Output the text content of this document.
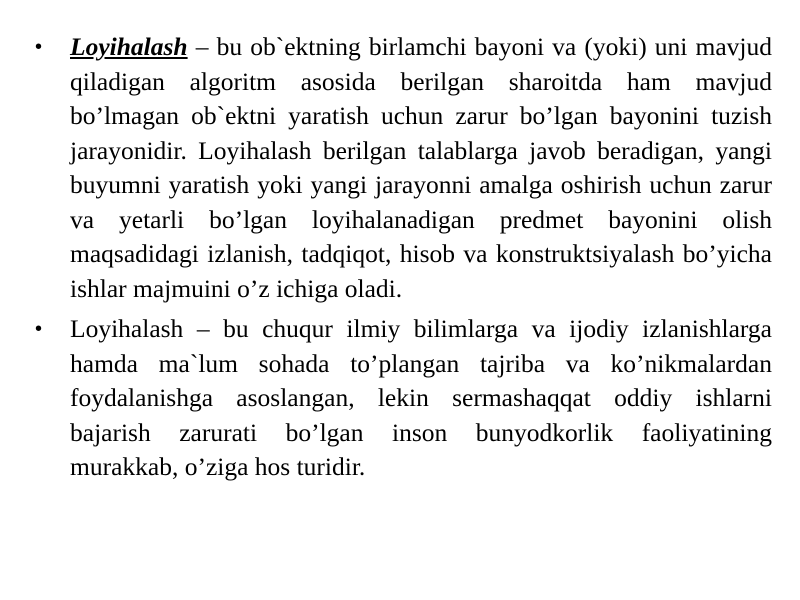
• Loyihalash – bu ob`ektning birlamchi bayoni va (yoki) uni mavjud qiladigan algoritm asosida berilgan sharoitda ham mavjud bo’lmagan ob`ektni yaratish uchun zarur bo’lgan bayonini tuzish jarayonidir. Loyihalash berilgan talablarga javob beradigan, yangi buyumni yaratish yoki yangi jarayonni amalga oshirish uchun zarur va yetarli bo’lgan loyihalanadigan predmet bayonini olish maqsadidagi izlanish, tadqiqot, hisob va konstruktsiyalash bo’yicha ishlar majmuini o’z ichiga oladi.
• Loyihalash – bu chuqur ilmiy bilimlarga va ijodiy izlanishlarga hamda ma`lum sohada to’plangan tajriba va ko’nikmalardan foydalanishga asoslangan, lekin sermashaqqat oddiy ishlarni bajarish zarurati bo’lgan inson bunyodkorlik faoliyatining murakkab, o’ziga hos turidir.
